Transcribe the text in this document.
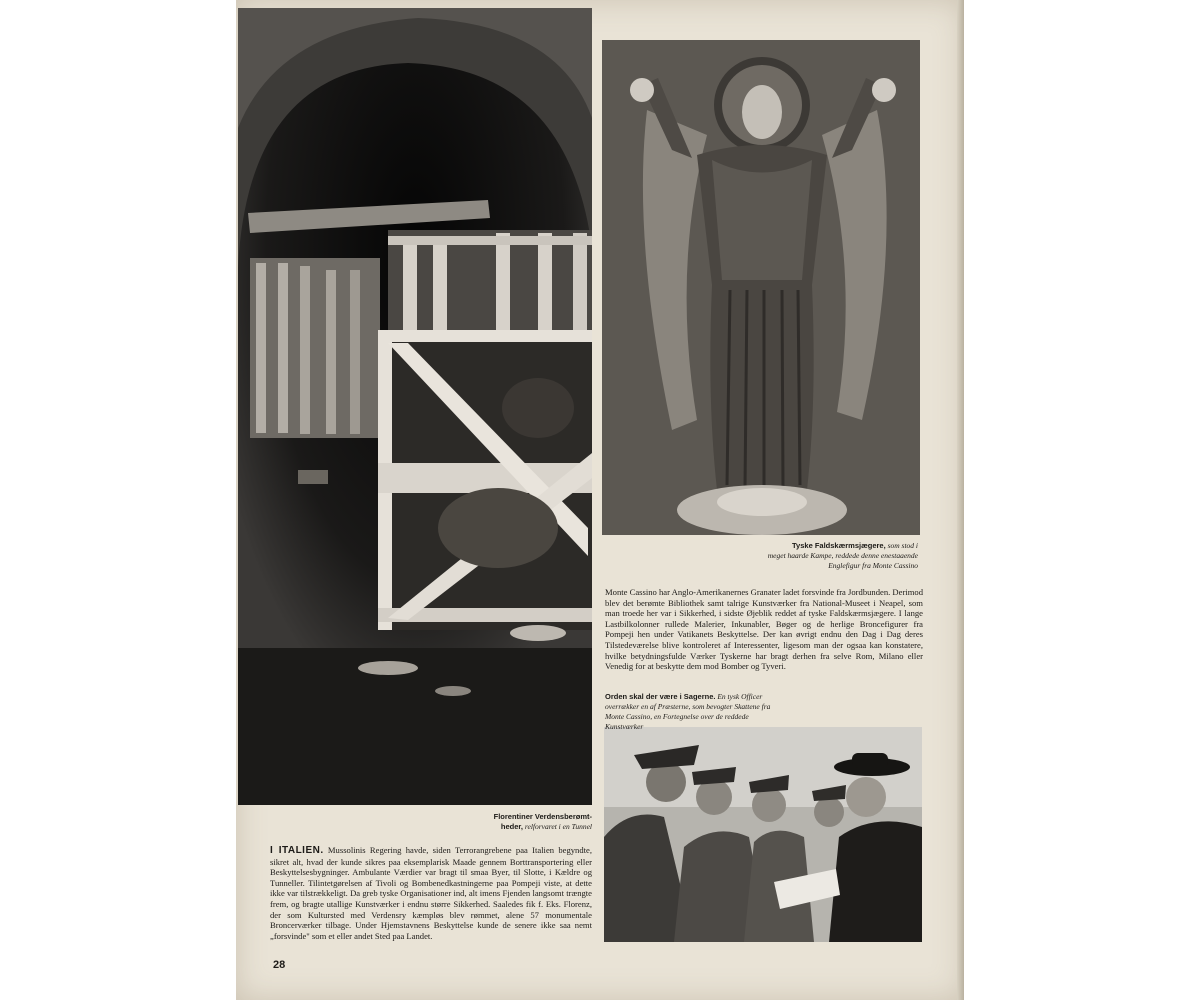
Tyske Faldskærmsjægere, som stod i
meget haarde Kampe, reddede denne enestaaende Englefigur fra Monte Cassino
Florentiner Verdensberømt-
heder, relforvaret i en Tunnel
Orden skal der være i Sagerne. En tysk Officer overrækker en af Præsterne, som bevogter Skattene fra Monte Cassino, en Fortegnelse over de reddede Kunstværker
Monte Cassino har Anglo-Amerikanernes Granater ladet forsvinde fra Jordbunden. Derimod blev det berømte Bibliothek samt talrige Kunstværker fra National-Museet i Neapel, som man troede her var i Sikkerhed, i sidste Øjeblik reddet af tyske Faldskærmsjægere. I lange Lastbilkolonner rullede Malerier, Inkunabler, Bøger og de herlige Broncefigurer fra Pompeji hen under Vatikanets Beskyttelse. Der kan øvrigt endnu den Dag i Dag deres Tilstedeværelse blive kontroleret af Interessenter, ligesom man der ogsaa kan konstatere, hvilke betydningsfulde Værker Tyskerne har bragt derhen fra selve Rom, Milano eller Venedig for at beskytte dem mod Bomber og Tyveri.
I ITALIEN. Mussolinis Regering havde, siden Terrorangrebene paa Italien begyndte, sikret alt, hvad der kunde sikres paa eksemplarisk Maade gennem Borttransportering eller Beskyttelsesbygninger. Ambulante Værdier var bragt til smaa Byer, til Slotte, i Kældre og Tunneller. Tilintetgørelsen af Tivoli og Bombenedkastningerne paa Pompeji viste, at dette ikke var tilstrækkeligt. Da greb tyske Organisationer ind, alt imens Fjenden langsomt trængte frem, og bragte utallige Kunstværker i endnu større Sikkerhed. Saaledes fik f. Eks. Florenz, der som Kultursted med Verdensry kæmpløs blev rømmet, alene 57 monumentale Broncerværker tilbage. Under Hjemstavnens Beskyttelse kunde de senere ikke saa nemt „forsvinde" som et eller andet Sted paa Landet.
28
